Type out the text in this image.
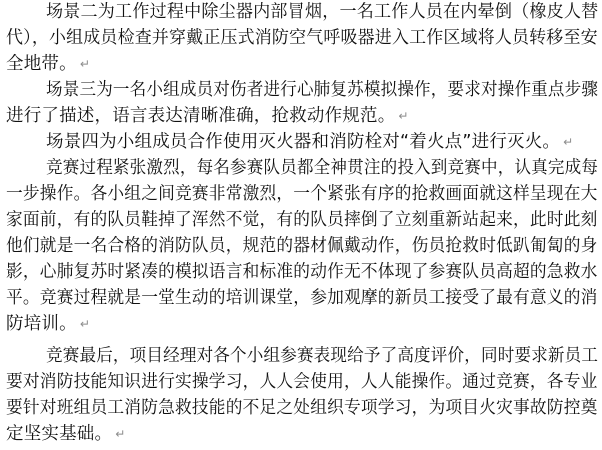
场景二为工作过程中除尘器内部冒烟，一名工作人员在内晕倒（橡皮人替
代），小组成员检查并穿戴正压式消防空气呼吸器进入工作区域将人员转移至安
全地带。 ↵
场景三为一名小组成员对伤者进行心肺复苏模拟操作，要求对操作重点步骤
进行了描述，语言表达清晰准确，抢救动作规范。 ↵
场景四为小组成员合作使用灭火器和消防栓对“着火点”进行灭火。 ↵
竞赛过程紧张激烈，每名参赛队员都全神贯注的投入到竞赛中，认真完成每
一步操作。各小组之间竞赛非常激烈，一个紧张有序的抢救画面就这样呈现在大
家面前，有的队员鞋掉了浑然不觉，有的队员摔倒了立刻重新站起来，此时此刻
他们就是一名合格的消防队员，规范的器材佩戴动作，伤员抢救时低趴匍匐的身
影，心肺复苏时紧凑的模拟语言和标准的动作无不体现了参赛队员高超的急救水
平。竞赛过程就是一堂生动的培训课堂，参加观摩的新员工接受了最有意义的消
防培训。 ↵
竞赛最后，项目经理对各个小组参赛表现给予了高度评价，同时要求新员工
要对消防技能知识进行实操学习，人人会使用，人人能操作。通过竞赛，各专业
要针对班组员工消防急救技能的不足之处组织专项学习，为项目火灾事故防控奠
定坚实基础。 ↵
